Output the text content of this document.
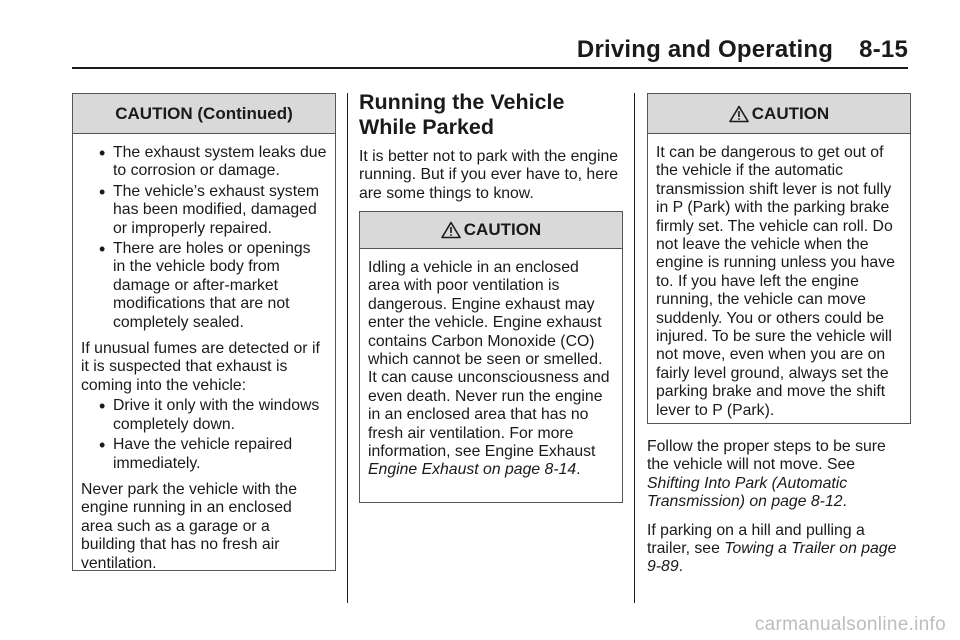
Driving and Operating 8-15
CAUTION (Continued)
• The exhaust system leaks due to corrosion or damage.
• The vehicle’s exhaust system has been modified, damaged or improperly repaired.
• There are holes or openings in the vehicle body from damage or after-market modifications that are not completely sealed.

If unusual fumes are detected or if it is suspected that exhaust is coming into the vehicle:

• Drive it only with the windows completely down.
• Have the vehicle repaired immediately.

Never park the vehicle with the engine running in an enclosed area such as a garage or a building that has no fresh air ventilation.

Running the Vehicle While Parked

It is better not to park with the engine running. But if you ever have to, here are some things to know.

CAUTION

Idling a vehicle in an enclosed area with poor ventilation is dangerous. Engine exhaust may enter the vehicle. Engine exhaust contains Carbon Monoxide (CO) which cannot be seen or smelled. It can cause unconsciousness and even death. Never run the engine in an enclosed area that has no fresh air ventilation. For more information, see Engine Exhaust Engine Exhaust on page 8-14.

CAUTION

It can be dangerous to get out of the vehicle if the automatic transmission shift lever is not fully in P (Park) with the parking brake firmly set. The vehicle can roll. Do not leave the vehicle when the engine is running unless you have to. If you have left the engine running, the vehicle can move suddenly. You or others could be injured. To be sure the vehicle will not move, even when you are on fairly level ground, always set the parking brake and move the shift lever to P (Park).

Follow the proper steps to be sure the vehicle will not move. See Shifting Into Park (Automatic Transmission) on page 8-12.

If parking on a hill and pulling a trailer, see Towing a Trailer on page 9-89.

carmanualsonline.info
